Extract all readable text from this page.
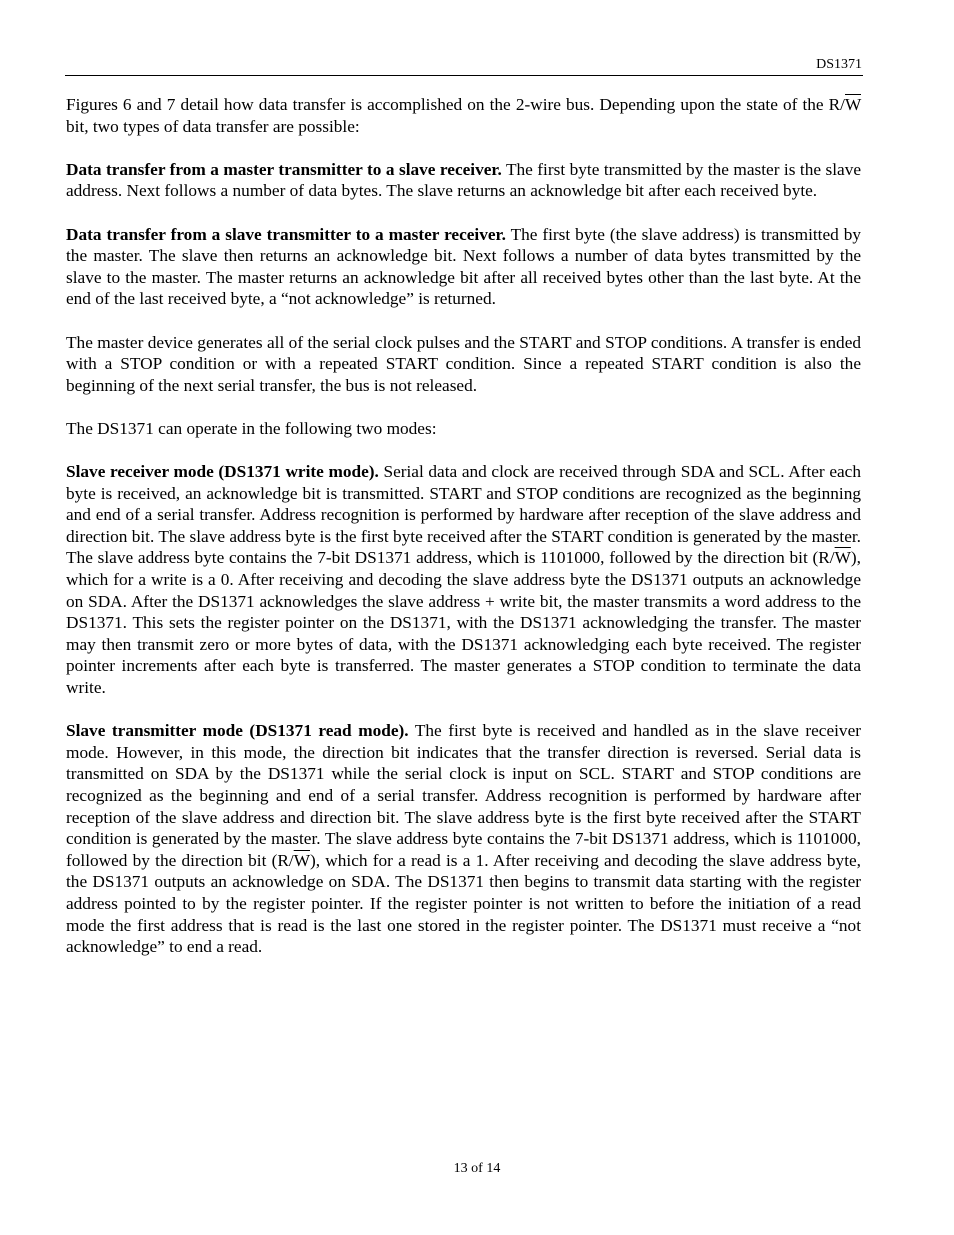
DS1371

Figures 6 and 7 detail how data transfer is accomplished on the 2-wire bus. Depending upon the state of the $R/\overline{W}$ bit, two types of data transfer are possible:

Data transfer from a master transmitter to a slave receiver. The first byte transmitted by the master is the slave address. Next follows a number of data bytes. The slave returns an acknowledge bit after each received byte.

Data transfer from a slave transmitter to a master receiver. The first byte (the slave address) is transmitted by the master. The slave then returns an acknowledge bit. Next follows a number of data bytes transmitted by the slave to the master. The master returns an acknowledge bit after all received bytes other than the last byte. At the end of the last received byte, a “not acknowledge” is returned.

The master device generates all of the serial clock pulses and the START and STOP conditions. A transfer is ended with a STOP condition or with a repeated START condition. Since a repeated START condition is also the beginning of the next serial transfer, the bus is not released.

The DS1371 can operate in the following two modes:

Slave receiver mode (DS1371 write mode). Serial data and clock are received through SDA and SCL. After each byte is received, an acknowledge bit is transmitted. START and STOP conditions are recognized as the beginning and end of a serial transfer. Address recognition is performed by hardware after reception of the slave address and direction bit. The slave address byte is the first byte received after the START condition is generated by the master. The slave address byte contains the 7-bit DS1371 address, which is 1101000, followed by the direction bit $(R/\overline{W})$, which for a write is a 0. After receiving and decoding the slave address byte the DS1371 outputs an acknowledge on SDA. After the DS1371 acknowledges the slave address + write bit, the master transmits a word address to the DS1371. This sets the register pointer on the DS1371, with the DS1371 acknowledging the transfer. The master may then transmit zero or more bytes of data, with the DS1371 acknowledging each byte received. The register pointer increments after each byte is transferred. The master generates a STOP condition to terminate the data write.

Slave transmitter mode (DS1371 read mode). The first byte is received and handled as in the slave receiver mode. However, in this mode, the direction bit indicates that the transfer direction is reversed. Serial data is transmitted on SDA by the DS1371 while the serial clock is input on SCL. START and STOP conditions are recognized as the beginning and end of a serial transfer. Address recognition is performed by hardware after reception of the slave address and direction bit. The slave address byte is the first byte received after the START condition is generated by the master. The slave address byte contains the 7-bit DS1371 address, which is 1101000, followed by the direction bit $(R/\overline{W})$, which for a read is a 1. After receiving and decoding the slave address byte, the DS1371 outputs an acknowledge on SDA. The DS1371 then begins to transmit data starting with the register address pointed to by the register pointer. If the register pointer is not written to before the initiation of a read mode the first address that is read is the last one stored in the register pointer. The DS1371 must receive a “not acknowledge” to end a read.

13 of 14
